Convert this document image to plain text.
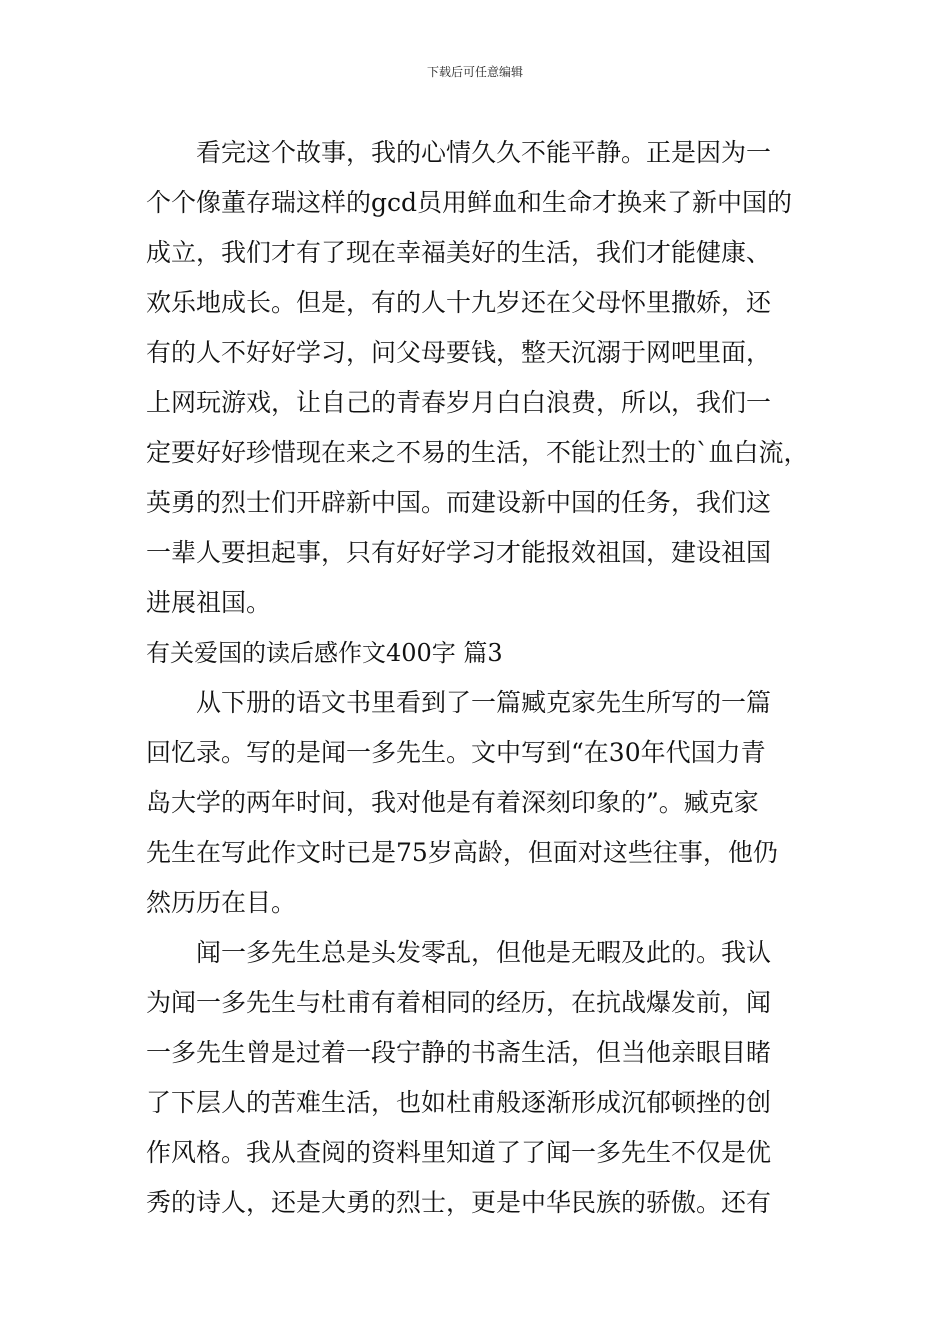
下载后可任意编辑
　　看完这个故事，我的心情久久不能平静。正是因为一
个个像董存瑞这样的gcd员用鲜血和生命才换来了新中国的
成立，我们才有了现在幸福美好的生活，我们才能健康、
欢乐地成长。但是，有的人十九岁还在父母怀里撒娇，还
有的人不好好学习，问父母要钱，整天沉溺于网吧里面，
上网玩游戏，让自己的青春岁月白白浪费，所以，我们一
定要好好珍惜现在来之不易的生活，不能让烈士的`血白流，
英勇的烈士们开辟新中国。而建设新中国的任务，我们这
一辈人要担起事，只有好好学习才能报效祖国，建设祖国
进展祖国。
有关爱国的读后感作文400字 篇3
　　从下册的语文书里看到了一篇臧克家先生所写的一篇
回忆录。写的是闻一多先生。文中写到“在30年代国力青
岛大学的两年时间，我对他是有着深刻印象的”。臧克家
先生在写此作文时已是75岁高龄，但面对这些往事，他仍
然历历在目。
　　闻一多先生总是头发零乱，但他是无暇及此的。我认
为闻一多先生与杜甫有着相同的经历，在抗战爆发前，闻
一多先生曾是过着一段宁静的书斋生活，但当他亲眼目睹
了下层人的苦难生活，也如杜甫般逐渐形成沉郁顿挫的创
作风格。我从查阅的资料里知道了了闻一多先生不仅是优
秀的诗人，还是大勇的烈士，更是中华民族的骄傲。还有
